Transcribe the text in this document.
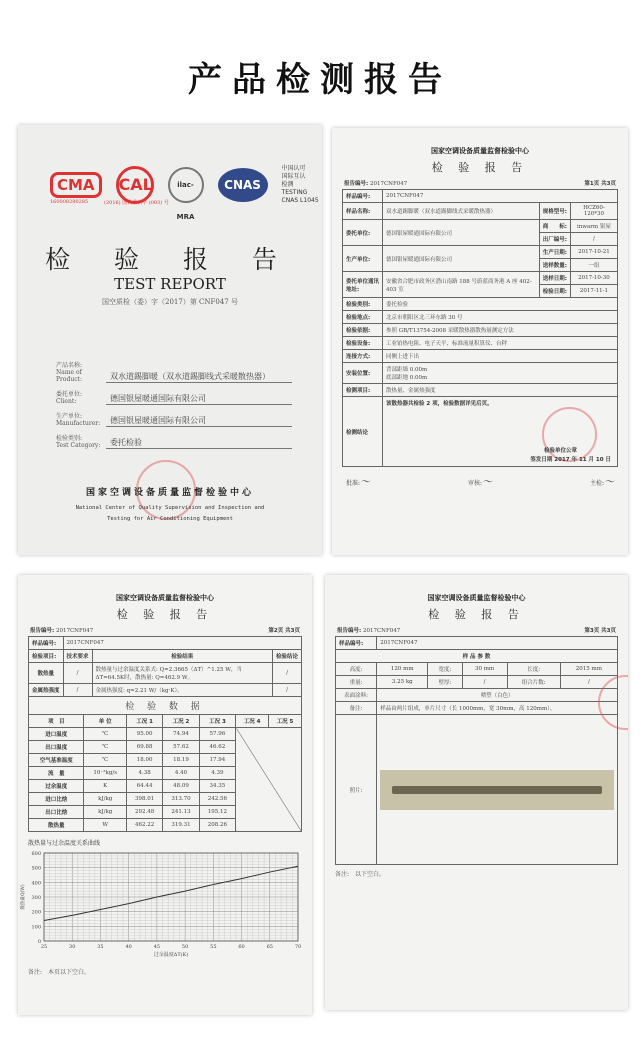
产品检测报告
CMA	CAL	ilac-MRA
CNAS
中国认可
国际互认
检测
TESTING
CNAS L1045
160008280285	(2016) 国认监认字 (003) 号
检 验 报 告
TEST REPORT
国空质检（委）字（2017）第 CNF047 号
产品名称:
Name of Product:	双水道踢脚暖（双水道踢脚线式采暖散热器）
委托单位:
Client:	德国银屋暖通国际有限公司
生产单位:
Manufacturer:	德国银屋暖通国际有限公司
检验类别:
Test Category:	委托检验
国家空调设备质量监督检验中心
National Center of Quality Supervision and Inspection and
Testing for Air Conditioning Equipment
国家空调设备质量监督检验中心
检 验 报 告
报告编号: 2017CNF047	第1页 共3页
样品编号:	2017CNF047		
样品名称:	双水道踢脚暖（双水道踢脚线式采暖散热器）	规格型号:	HCZ60-120*30
委托单位:	德国银屋暖通国际有限公司	商　　标:	inwarm 银屋
		出厂编号:	/
生产单位:	德国银屋暖通国际有限公司	生产日期:	2017-10-21
		送样数量:	一组
委托单位通讯地址:	安徽省合肥市政务区潜山南路 188 号蔚蓝商务港 A 座 402-403 室	送样日期:	2017-10-30
		检验日期:	2017-11-1
检验类别:	委托检验		
检验地点:	北京市朝阳区北三环东路 30 号		
检验依据:	参照 GB/T13754-2008 采暖散热器散热量测定方法		
检验设备:	工业铂热电阻、电子天平、标准流量积算仪、台秤		
连接方式:	同侧上进下出		
安装位置:	背部距墙 0.00m
底部距地 0.00m		

检测项目:	散热量、金属热强度		
检测结论	该散热器共检验 2 项，检验数据详见后页。
检验单位公章
签发日期 2017 年 11 月 10 日		
批准:～	审核:～	主检:～
国家空调设备质量监督检验中心
检 验 报 告
报告编号: 2017CNF047	第2页 共3页
样品编号:	2017CNF047		
检验项目:	技术要求	检验结果	检验结论
散热量	/	散热量与过余温度关系式: Q=2.3665（ΔT）^1.25 W，当ΔT=64.5K时，散热量: Q=462.9 W。	/
金属热强度	/	金属热强度: q=2.21 W/（kg·K）。	/
检 验 数 据						
项　目	单 位	工况 1	工况 2	工况 3	工况 4	工况 5
进口温度	℃	95.00	74.94	57.96		
出口温度	℃	69.88	57.62	46.62		
空气基准温度	℃	18.00	18.19	17.94		
流　量	10⁻²kg/s	4.38	4.40	4.39		
过余温度	K	64.44	48.09	34.35		
进口比焓	kJ/kg	398.01	313.70	242.56		
出口比焓	kJ/kg	292.48	241.13	195.12		
散热量	W	462.22	319.31	208.26		
散热量与过余温度关系曲线
25	30	35	40	45	50	55	60	65	70
0
100
200
300
400
500
600
过余温度ΔT(K)
散热量Q(W)
备注:　本页以下空白。
国家空调设备质量监督检验中心
检 验 报 告
报告编号: 2017CNF047	第3页 共3页
样品编号:	2017CNF047				
样 品 参 数					
高度:	120 mm	宽度:	30 mm	长度:	2015 mm
重量:	3.25 kg	壁厚:	/	组合片数:	/
表面涂料:	喷塑（白色）				
备注:	样品由两片组成，单片尺寸（长 1000mm，宽 30mm，高 120mm）。				
照片:					
备注:　以下空白。
